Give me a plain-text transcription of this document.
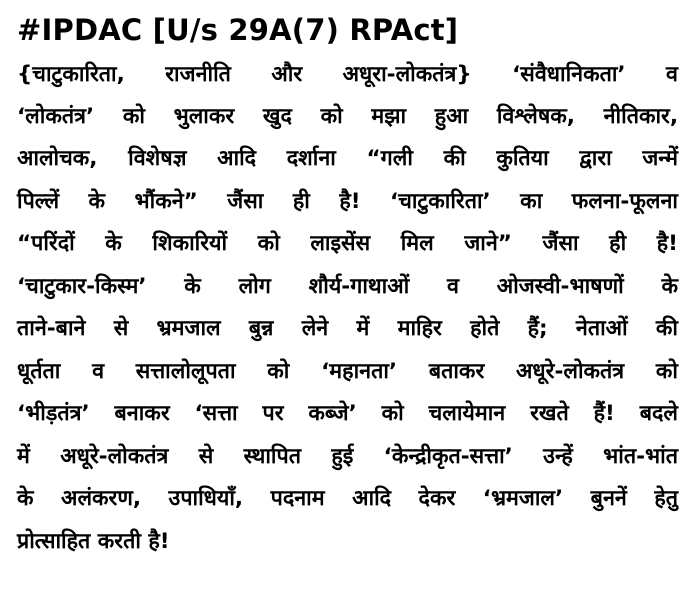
#IPDAC [U/s 29A(7) RPAct]
{चाटुकारिता, राजनीति और अधूरा-लोकतंत्र} ‘संवैधानिकता’ व
‘लोकतंत्र’ को भुलाकर खुद को मझा हुआ विश्लेषक, नीतिकार,
आलोचक, विशेषज्ञ आदि दर्शाना “गली की कुतिया द्वारा जन्में
पिल्लें के भौंकने” जैंसा ही है! ‘चाटुकारिता’ का फलना-फूलना
“परिंदों के शिकारियों को लाइसेंस मिल जाने” जैंसा ही है!
‘चाटुकार-किस्म’ के लोग शौर्य-गाथाओं व ओजस्वी-भाषणों के
ताने-बाने से भ्रमजाल बुन्न लेने में माहिर होते हैं; नेताओं की
धूर्तता व सत्तालोलूपता को ‘महानता’ बताकर अधूरे-लोकतंत्र को
‘भीड़तंत्र’ बनाकर ‘सत्ता पर कब्जे’ को चलायेमान रखते हैं! बदले
में अधूरे-लोकतंत्र से स्थापित हुई ‘केन्द्रीकृत-सत्ता’ उन्हें भांत-भांत
के अलंकरण, उपाधियाँ, पदनाम आदि देकर ‘भ्रमजाल’ बुननें हेतु
प्रोत्साहित करती है!
